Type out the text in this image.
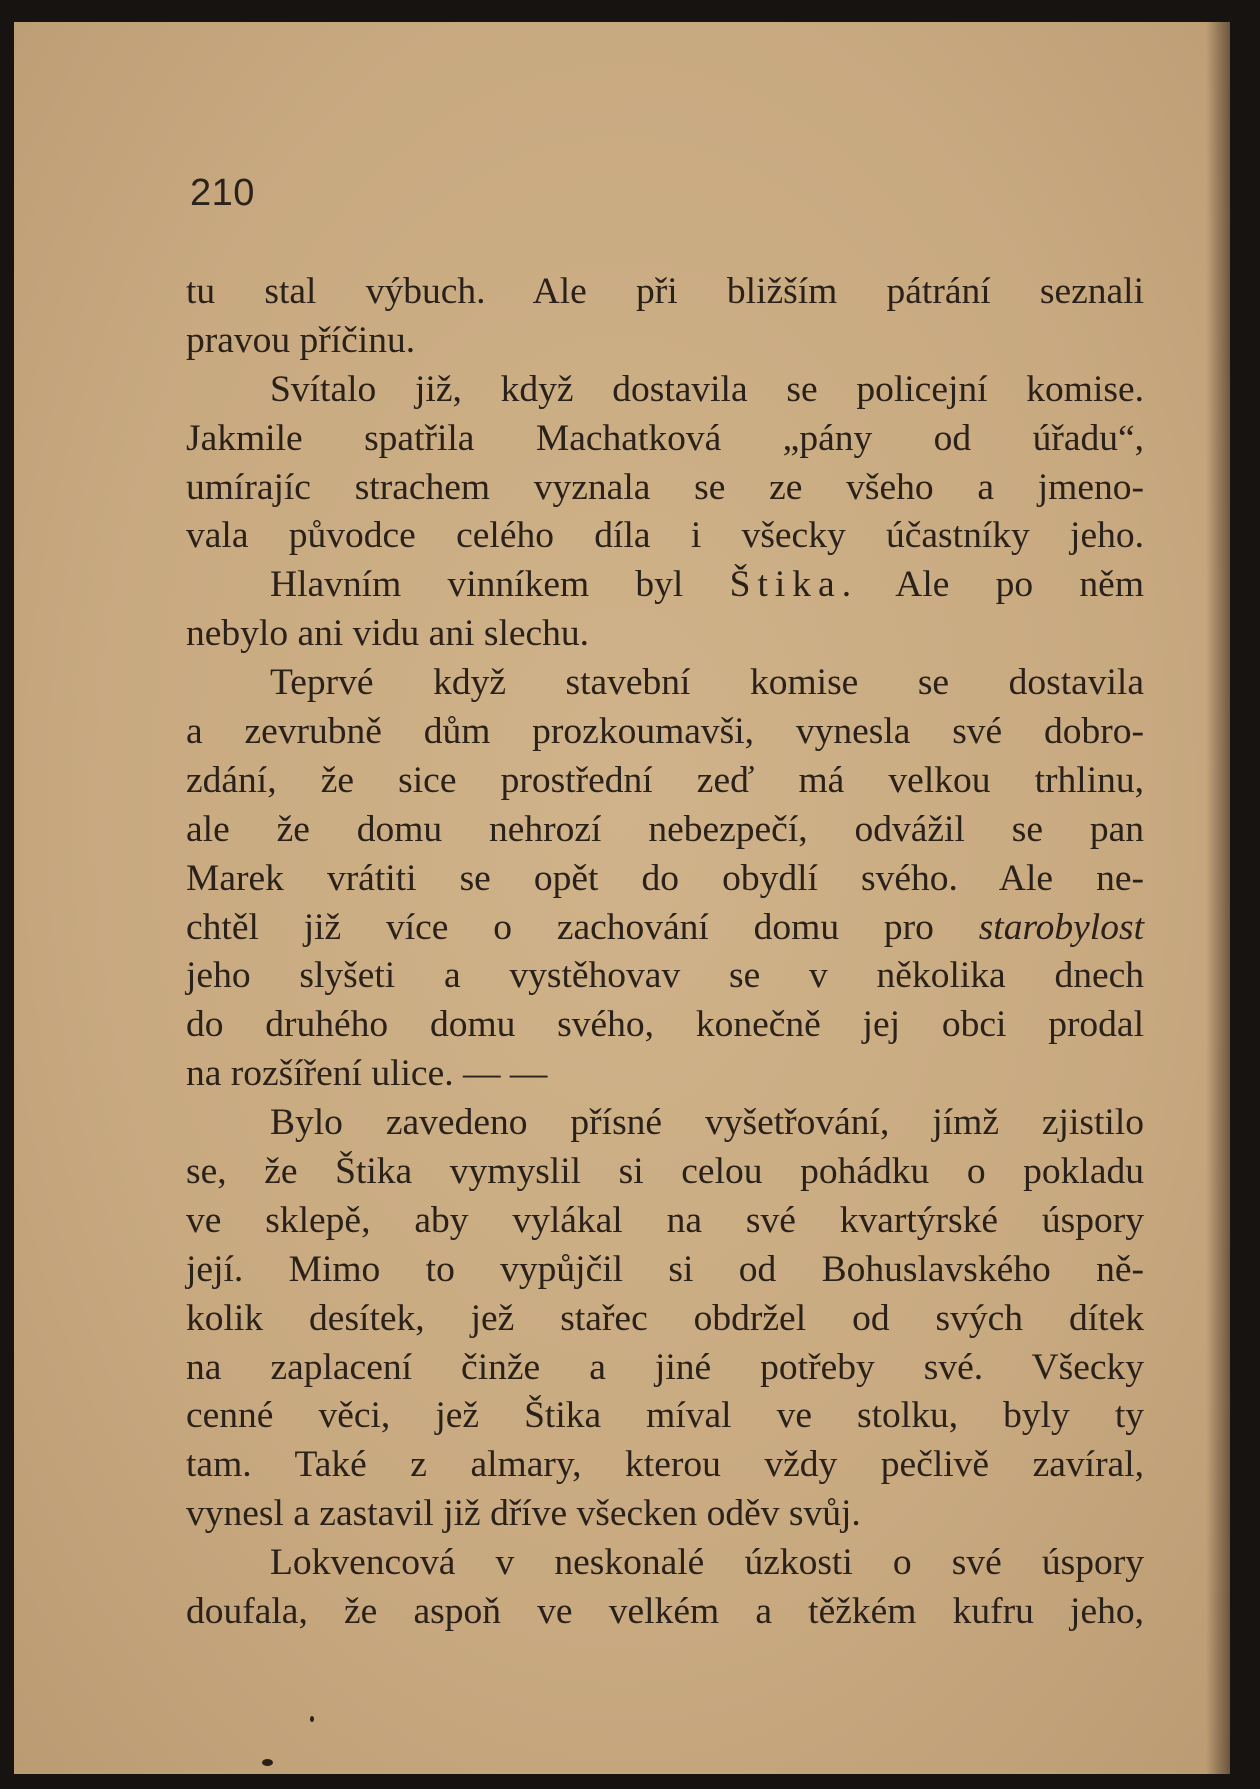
210
tu stal výbuch. Ale při bližším pátrání seznali
pravou příčinu.
Svítalo již, když dostavila se policejní komise.
Jakmile spatřila Machatková „pány od úřadu“,
umírajíc strachem vyznala se ze všeho a jmeno-
vala původce celého díla i všecky účastníky jeho.
Hlavním vinníkem byl Štika. Ale po něm
nebylo ani vidu ani slechu.
Teprvé když stavební komise se dostavila
a zevrubně dům prozkoumavši, vynesla své dobro-
zdání, že sice prostřední zeď má velkou trhlinu,
ale že domu nehrozí nebezpečí, odvážil se pan
Marek vrátiti se opět do obydlí svého. Ale ne-
chtěl již více o zachování domu pro starobylost
jeho slyšeti a vystěhovav se v několika dnech
do druhého domu svého, konečně jej obci prodal
na rozšíření ulice. — —
Bylo zavedeno přísné vyšetřování, jímž zjistilo
se, že Štika vymyslil si celou pohádku o pokladu
ve sklepě, aby vylákal na své kvartýrské úspory
její. Mimo to vypůjčil si od Bohuslavského ně-
kolik desítek, jež stařec obdržel od svých dítek
na zaplacení činže a jiné potřeby své. Všecky
cenné věci, jež Štika míval ve stolku, byly ty
tam. Také z almary, kterou vždy pečlivě zavíral,
vynesl a zastavil již dříve všecken oděv svůj.
Lokvencová v neskonalé úzkosti o své úspory
doufala, že aspoň ve velkém a těžkém kufru jeho,
